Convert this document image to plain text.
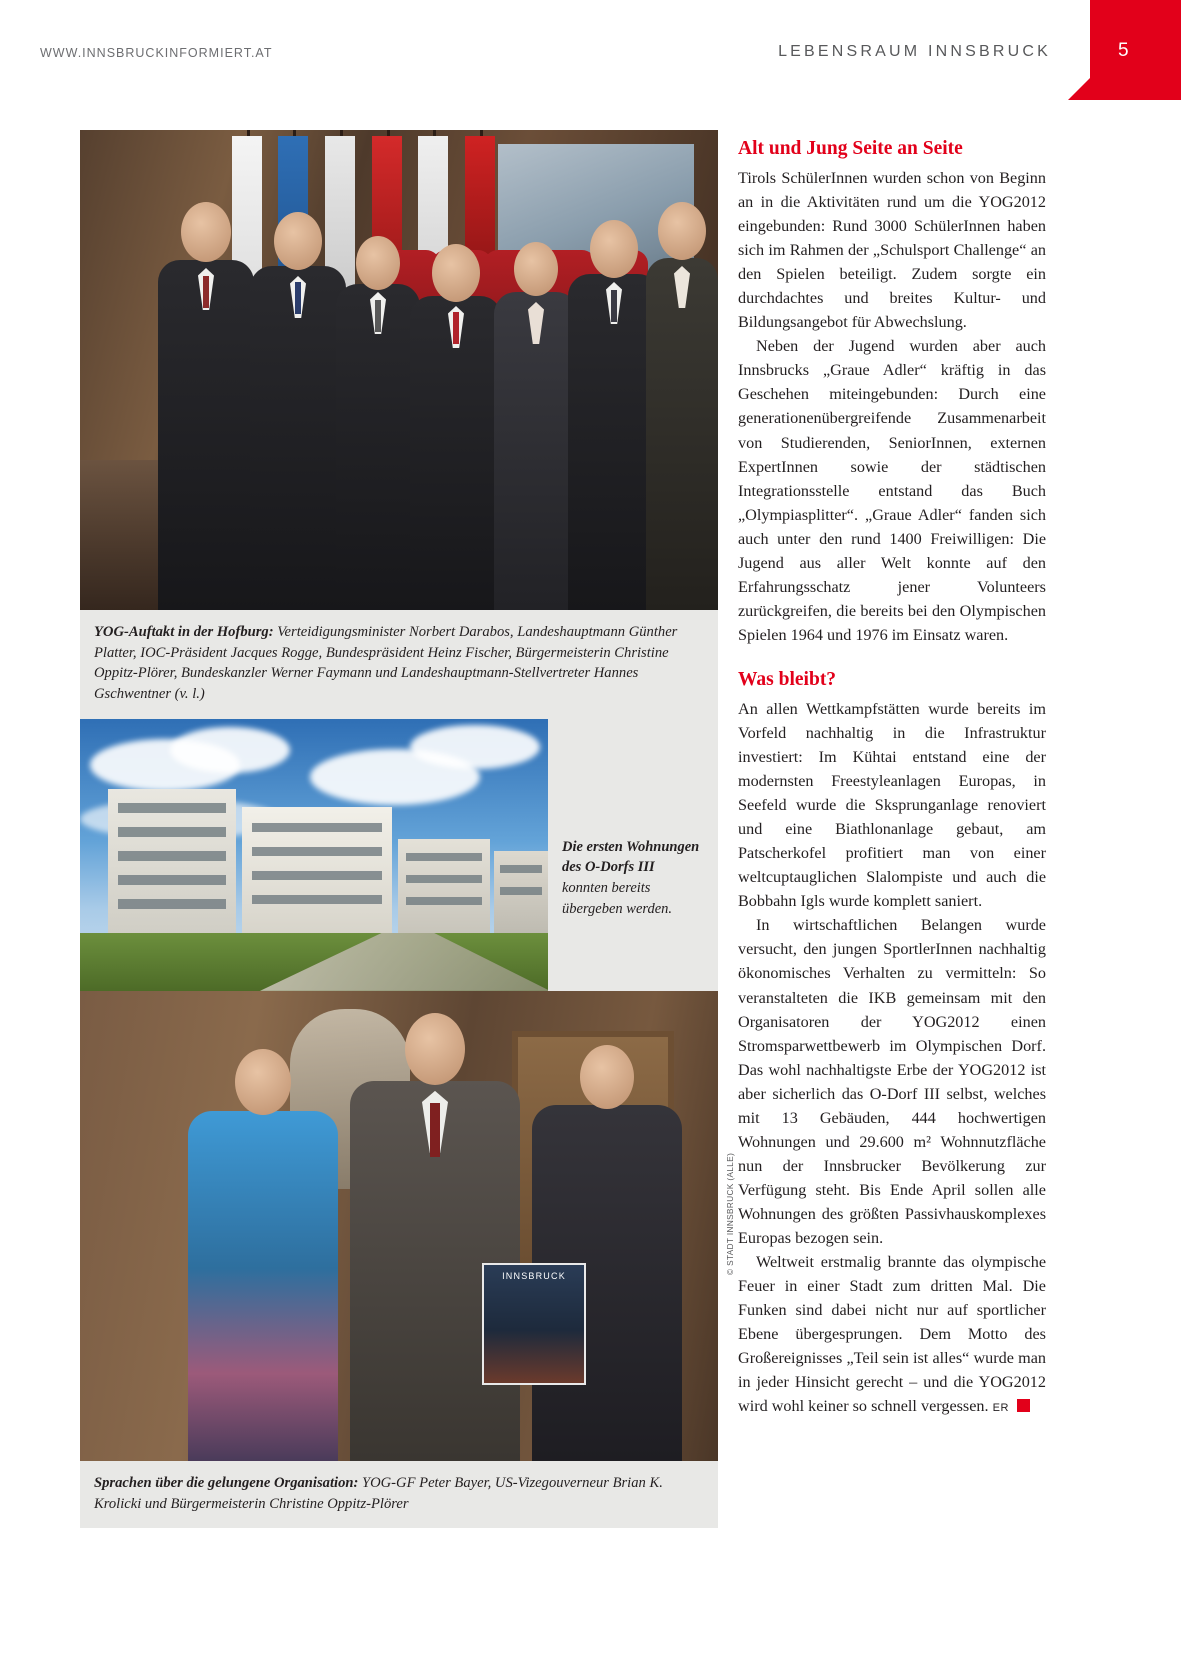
WWW.INNSBRUCKINFORMIERT.AT	LEBENSRAUM INNSBRUCK	5
YOG-Auftakt in der Hofburg: Verteidigungsminister Norbert Darabos, Landeshauptmann Günther Platter, IOC-Präsident Jacques Rogge, Bundespräsident Heinz Fischer, Bürgermeisterin Christine Oppitz-Plörer, Bundeskanzler Werner Faymann und Landeshauptmann-Stellvertreter Hannes Gschwentner (v. l.)
Die ersten Wohnungen des O-Dorfs III konnten bereits übergeben werden.
INNSBRUCK
Sprachen über die gelungene Organisation: YOG-GF Peter Bayer, US-Vizegouverneur Brian K. Krolicki und Bürgermeisterin Christine Oppitz-Plörer
© STADT INNSBRUCK (ALLE)
Alt und Jung Seite an Seite

Tirols SchülerInnen wurden schon von Beginn an in die Aktivitäten rund um die YOG2012 eingebunden: Rund 3000 SchülerInnen haben sich im Rahmen der „Schulsport Challenge“ an den Spielen beteiligt. Zudem sorgte ein durchdachtes und breites Kultur- und Bildungsangebot für Abwechslung.

Neben der Jugend wurden aber auch Innsbrucks „Graue Adler“ kräftig in das Geschehen miteingebunden: Durch eine generationenübergreifende Zusammenarbeit von Studierenden, SeniorInnen, externen ExpertInnen sowie der städtischen Integrationsstelle entstand das Buch „Olympiasplitter“. „Graue Adler“ fanden sich auch unter den rund 1400 Freiwilligen: Die Jugend aus aller Welt konnte auf den Erfahrungsschatz jener Volunteers zurückgreifen, die bereits bei den Olympischen Spielen 1964 und 1976 im Einsatz waren.

Was bleibt?

An allen Wettkampfstätten wurde bereits im Vorfeld nachhaltig in die Infrastruktur investiert: Im Kühtai entstand eine der modernsten Freestyleanlagen Europas, in Seefeld wurde die Sksprunganlage renoviert und eine Biathlonanlage gebaut, am Patscherkofel profitiert man von einer weltcuptauglichen Slalompiste und auch die Bobbahn Igls wurde komplett saniert.

In wirtschaftlichen Belangen wurde versucht, den jungen SportlerInnen nachhaltig ökonomisches Verhalten zu vermitteln: So veranstalteten die IKB gemeinsam mit den Organisatoren der YOG2012 einen Stromsparwettbewerb im Olympischen Dorf. Das wohl nachhaltigste Erbe der YOG2012 ist aber sicherlich das O-Dorf III selbst, welches mit 13 Gebäuden, 444 hochwertigen Wohnungen und 29.600 m² Wohnnutzfläche nun der Innsbrucker Bevölkerung zur Verfügung steht. Bis Ende April sollen alle Wohnungen des größten Passivhauskomplexes Europas bezogen sein.

Weltweit erstmalig brannte das olympische Feuer in einer Stadt zum dritten Mal. Die Funken sind dabei nicht nur auf sportlicher Ebene übergesprungen. Dem Motto des Großereignisses „Teil sein ist alles“ wurde man in jeder Hinsicht gerecht – und die YOG2012 wird wohl keiner so schnell vergessen. ER
